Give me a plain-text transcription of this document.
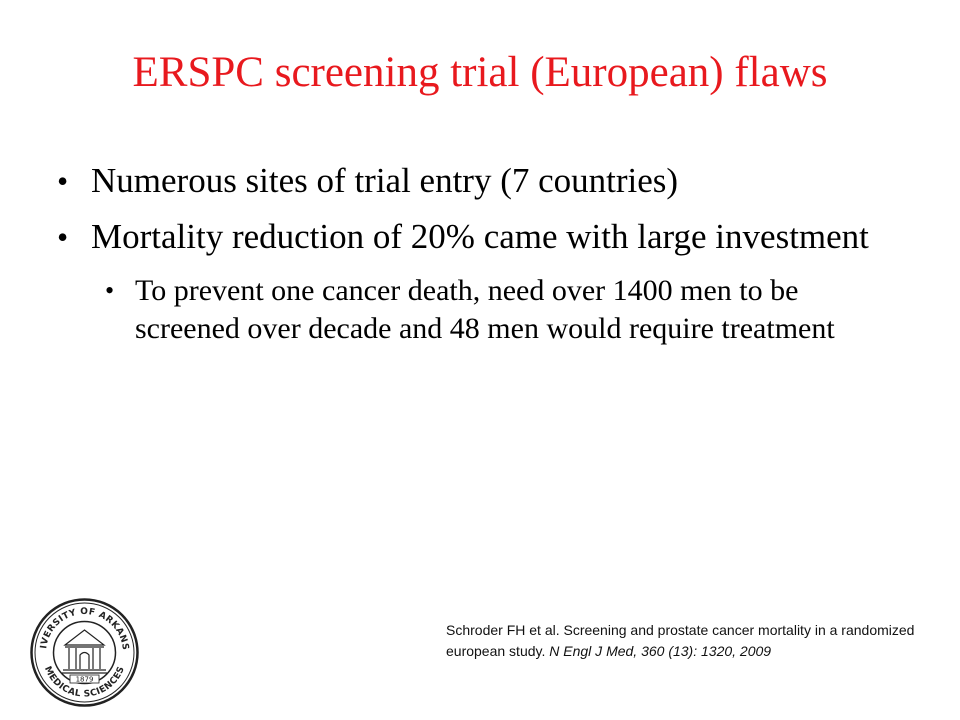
ERSPC screening trial (European) flaws
• Numerous sites of trial entry (7 countries)
• Mortality reduction of 20% came with large investment
• To prevent one cancer death, need over 1400 men to be screened over decade and 48 men would require treatment
IVERSITY OF ARKANS
MEDICAL SCIENCES
1879
Schroder FH et al. Screening and prostate cancer mortality in a randomized european study. N Engl J Med, 360 (13): 1320, 2009
